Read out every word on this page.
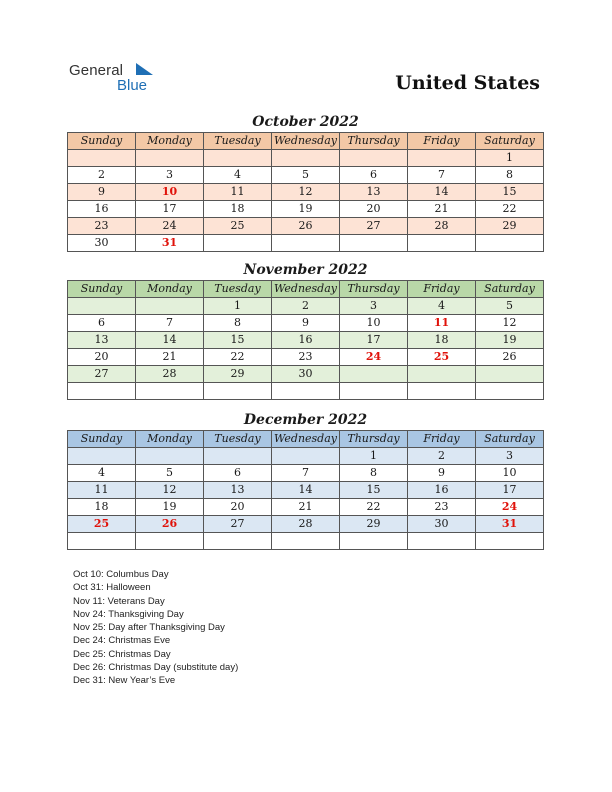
General
Blue	United States
October 2022
Sunday	Monday	Tuesday	Wednesday	Thursday	Friday	Saturday
						1
2	3	4	5	6	7	8
9	10	11	12	13	14	15
16	17	18	19	20	21	22
23	24	25	26	27	28	29
30	31					
November 2022
Sunday	Monday	Tuesday	Wednesday	Thursday	Friday	Saturday
		1	2	3	4	5
6	7	8	9	10	11	12
13	14	15	16	17	18	19
20	21	22	23	24	25	26
27	28	29	30			

December 2022
Sunday	Monday	Tuesday	Wednesday	Thursday	Friday	Saturday
				1	2	3
4	5	6	7	8	9	10
11	12	13	14	15	16	17
18	19	20	21	22	23	24
25	26	27	28	29	30	31

Oct 10: Columbus Day
Oct 31: Halloween
Nov 11: Veterans Day
Nov 24: Thanksgiving Day
Nov 25: Day after Thanksgiving Day
Dec 24: Christmas Eve
Dec 25: Christmas Day
Dec 26: Christmas Day (substitute day)
Dec 31: New Year’s Eve
